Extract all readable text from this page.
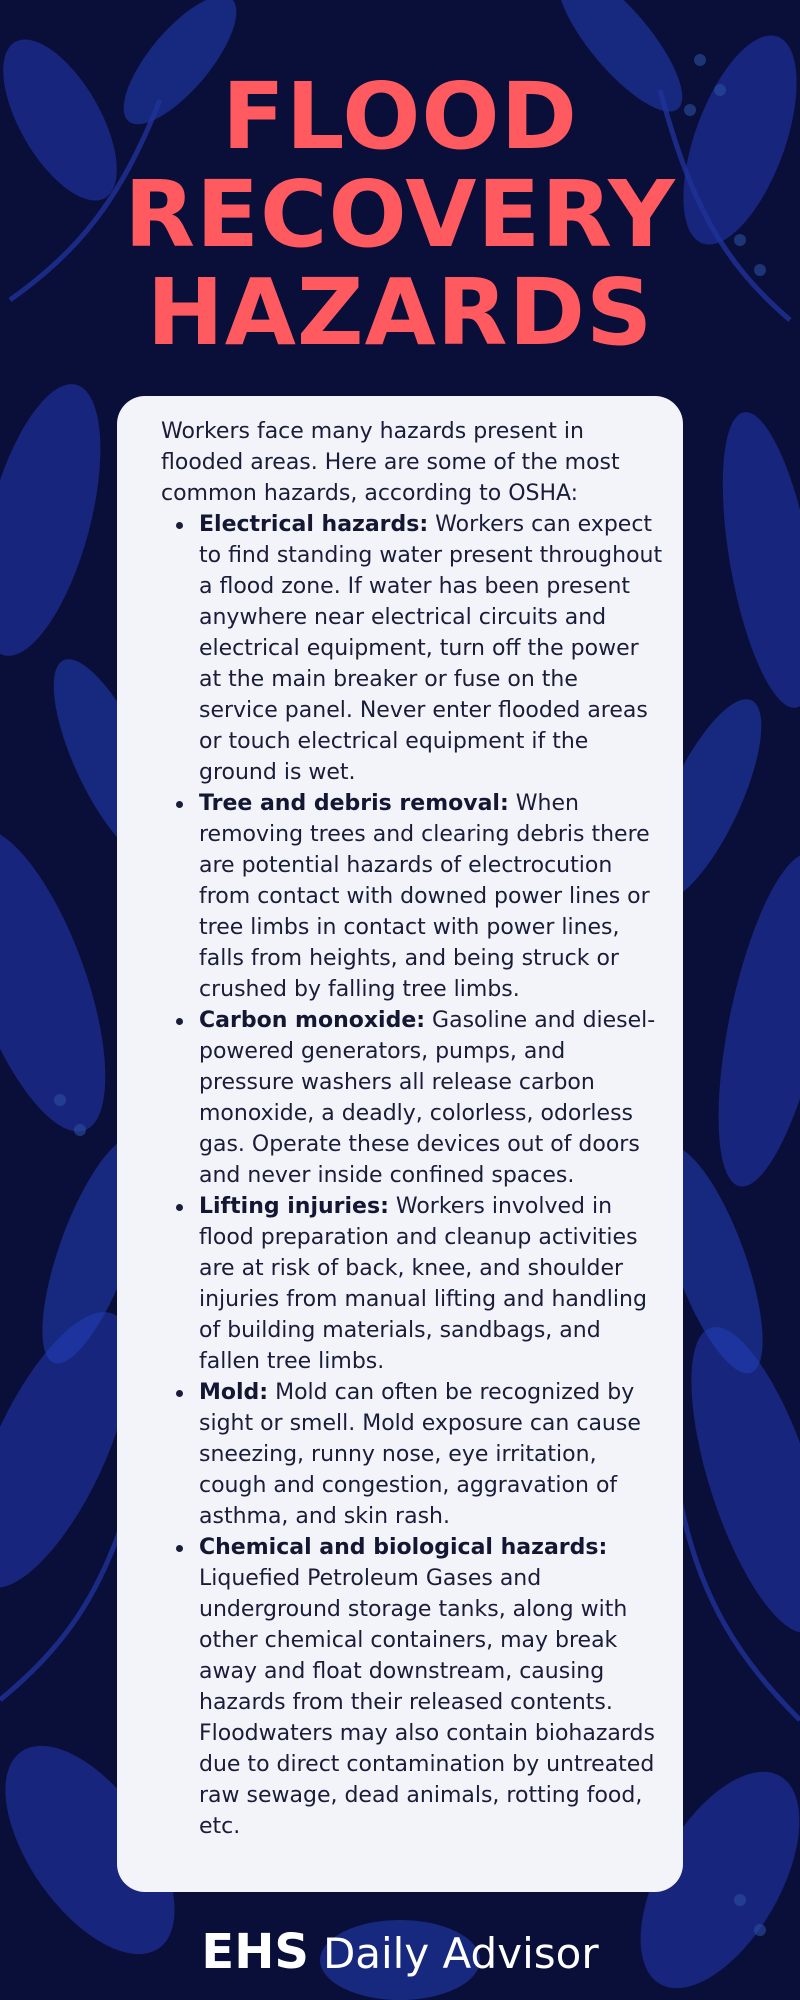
FLOOD
RECOVERY
HAZARDS

Workers face many hazards present in flooded areas. Here are some of the most common hazards, according to OSHA:

Electrical hazards: Workers can expect to find standing water present throughout a flood zone. If water has been present anywhere near electrical circuits and electrical equipment, turn off the power at the main breaker or fuse on the service panel. Never enter flooded areas or touch electrical equipment if the ground is wet.
Tree and debris removal: When removing trees and clearing debris there are potential hazards of electrocution from contact with downed power lines or tree limbs in contact with power lines, falls from heights, and being struck or crushed by falling tree limbs.
Carbon monoxide: Gasoline and diesel-powered generators, pumps, and pressure washers all release carbon monoxide, a deadly, colorless, odorless gas. Operate these devices out of doors and never inside confined spaces.
Lifting injuries: Workers involved in flood preparation and cleanup activities are at risk of back, knee, and shoulder injuries from manual lifting and handling of building materials, sandbags, and fallen tree limbs.
Mold: Mold can often be recognized by sight or smell. Mold exposure can cause sneezing, runny nose, eye irritation, cough and congestion, aggravation of asthma, and skin rash.
Chemical and biological hazards: Liquefied Petroleum Gases and underground storage tanks, along with other chemical containers, may break away and float downstream, causing hazards from their released contents. Floodwaters may also contain biohazards due to direct contamination by untreated raw sewage, dead animals, rotting food, etc.
EHS Daily Advisor
